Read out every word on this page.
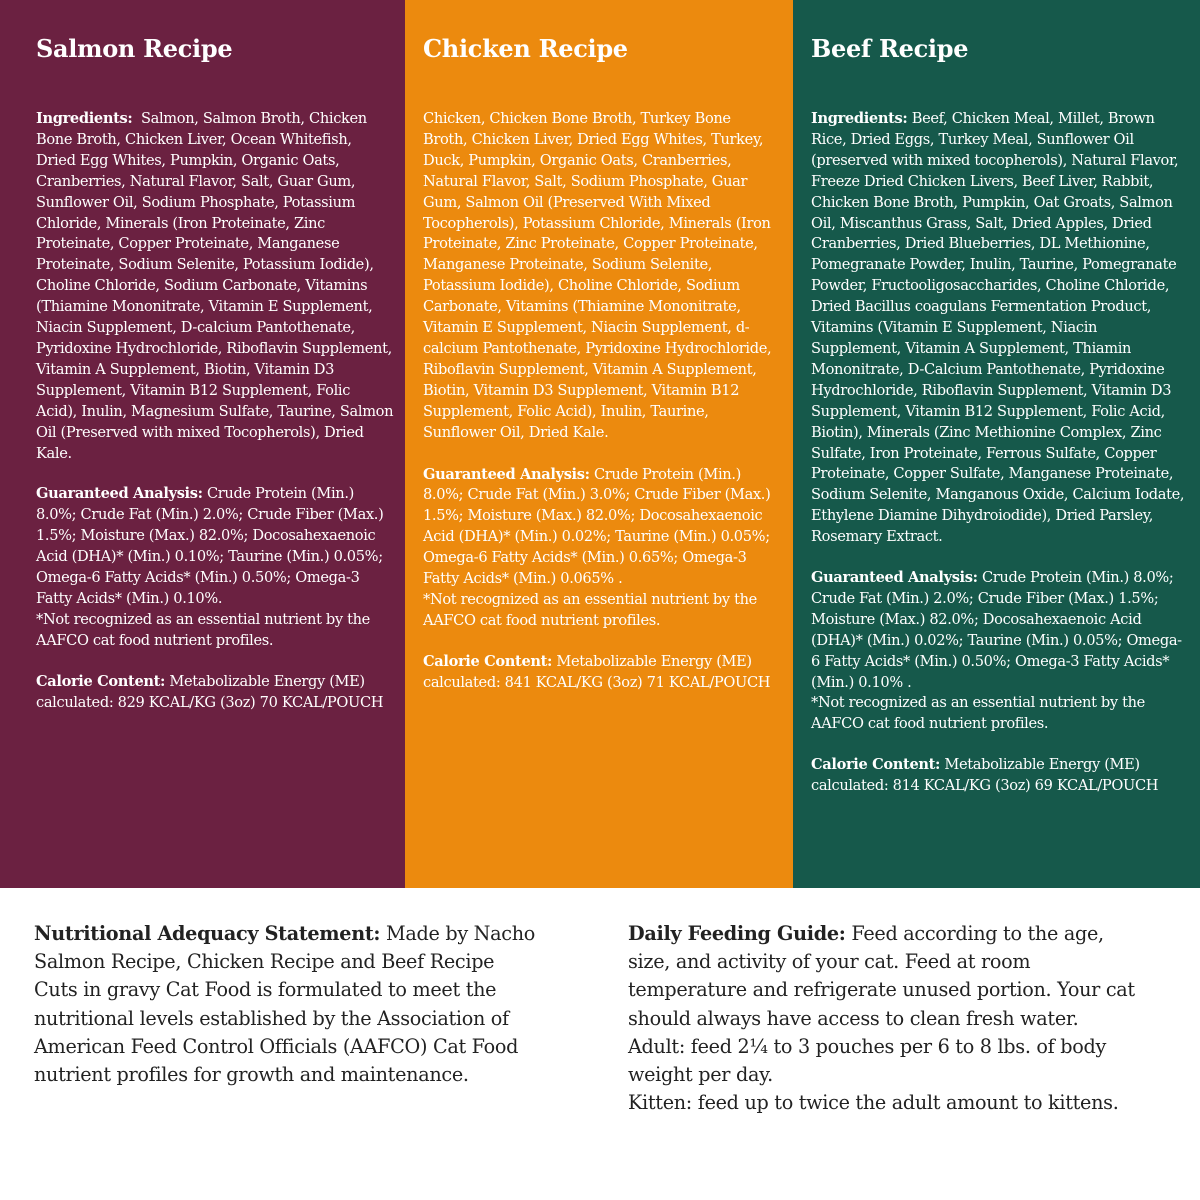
Salmon Recipe

Ingredients: Salmon, Salmon Broth, Chicken Bone Broth, Chicken Liver, Ocean Whitefish, Dried Egg Whites, Pumpkin, Organic Oats, Cranberries, Natural Flavor, Salt, Guar Gum, Sunflower Oil, Sodium Phosphate, Potassium Chloride, Minerals (Iron Proteinate, Zinc Proteinate, Copper Proteinate, Manganese Proteinate, Sodium Selenite, Potassium Iodide), Choline Chloride, Sodium Carbonate, Vitamins (Thiamine Mononitrate, Vitamin E Supplement, Niacin Supplement, D-calcium Pantothenate, Pyridoxine Hydrochloride, Riboflavin Supplement, Vitamin A Supplement, Biotin, Vitamin D3 Supplement, Vitamin B12 Supplement, Folic Acid), Inulin, Magnesium Sulfate, Taurine, Salmon Oil (Preserved with mixed Tocopherols), Dried Kale.

Guaranteed Analysis: Crude Protein (Min.) 8.0%; Crude Fat (Min.) 2.0%; Crude Fiber (Max.) 1.5%; Moisture (Max.) 82.0%; Docosahexaenoic Acid (DHA)* (Min.) 0.10%; Taurine (Min.) 0.05%; Omega-6 Fatty Acids* (Min.) 0.50%; Omega-3 Fatty Acids* (Min.) 0.10%.
*Not recognized as an essential nutrient by the AAFCO cat food nutrient profiles.

Calorie Content: Metabolizable Energy (ME) calculated: 829 KCAL/KG (3oz) 70 KCAL/POUCH

Chicken Recipe

Chicken, Chicken Bone Broth, Turkey Bone Broth, Chicken Liver, Dried Egg Whites, Turkey, Duck, Pumpkin, Organic Oats, Cranberries, Natural Flavor, Salt, Sodium Phosphate, Guar Gum, Salmon Oil (Preserved With Mixed Tocopherols), Potassium Chloride, Minerals (Iron Proteinate, Zinc Proteinate, Copper Proteinate, Manganese Proteinate, Sodium Selenite, Potassium Iodide), Choline Chloride, Sodium Carbonate, Vitamins (Thiamine Mononitrate, Vitamin E Supplement, Niacin Supplement, d-calcium Pantothenate, Pyridoxine Hydrochloride, Riboflavin Supplement, Vitamin A Supplement, Biotin, Vitamin D3 Supplement, Vitamin B12 Supplement, Folic Acid), Inulin, Taurine, Sunflower Oil, Dried Kale.

Guaranteed Analysis: Crude Protein (Min.) 8.0%; Crude Fat (Min.) 3.0%; Crude Fiber (Max.) 1.5%; Moisture (Max.) 82.0%; Docosahexaenoic Acid (DHA)* (Min.) 0.02%; Taurine (Min.) 0.05%; Omega-6 Fatty Acids* (Min.) 0.65%; Omega-3 Fatty Acids* (Min.) 0.065% .
*Not recognized as an essential nutrient by the AAFCO cat food nutrient profiles.

Calorie Content: Metabolizable Energy (ME) calculated: 841 KCAL/KG (3oz) 71 KCAL/POUCH

Beef Recipe

Ingredients: Beef, Chicken Meal, Millet, Brown Rice, Dried Eggs, Turkey Meal, Sunflower Oil (preserved with mixed tocopherols), Natural Flavor, Freeze Dried Chicken Livers, Beef Liver, Rabbit, Chicken Bone Broth, Pumpkin, Oat Groats, Salmon Oil, Miscanthus Grass, Salt, Dried Apples, Dried Cranberries, Dried Blueberries, DL Methionine, Pomegranate Powder, Inulin, Taurine, Pomegranate Powder, Fructooligosaccharides, Choline Chloride, Dried Bacillus coagulans Fermentation Product, Vitamins (Vitamin E Supplement, Niacin Supplement, Vitamin A Supplement, Thiamin Mononitrate, D-Calcium Pantothenate, Pyridoxine Hydrochloride, Riboflavin Supplement, Vitamin D3 Supplement, Vitamin B12 Supplement, Folic Acid, Biotin), Minerals (Zinc Methionine Complex, Zinc Sulfate, Iron Proteinate, Ferrous Sulfate, Copper Proteinate, Copper Sulfate, Manganese Proteinate, Sodium Selenite, Manganous Oxide, Calcium Iodate, Ethylene Diamine Dihydroiodide), Dried Parsley, Rosemary Extract.

Guaranteed Analysis: Crude Protein (Min.) 8.0%; Crude Fat (Min.) 2.0%; Crude Fiber (Max.) 1.5%; Moisture (Max.) 82.0%; Docosahexaenoic Acid (DHA)* (Min.) 0.02%; Taurine (Min.) 0.05%; Omega-6 Fatty Acids* (Min.) 0.50%; Omega-3 Fatty Acids* (Min.) 0.10% .
*Not recognized as an essential nutrient by the AAFCO cat food nutrient profiles.

Calorie Content: Metabolizable Energy (ME) calculated: 814 KCAL/KG (3oz) 69 KCAL/POUCH

Nutritional Adequacy Statement: Made by Nacho Salmon Recipe, Chicken Recipe and Beef Recipe Cuts in gravy Cat Food is formulated to meet the nutritional levels established by the Association of American Feed Control Officials (AAFCO) Cat Food nutrient profiles for growth and maintenance.
Daily Feeding Guide: Feed according to the age, size, and activity of your cat. Feed at room temperature and refrigerate unused portion. Your cat should always have access to clean fresh water.
Adult: feed 2¼ to 3 pouches per 6 to 8 lbs. of body weight per day.
Kitten: feed up to twice the adult amount to kittens.
